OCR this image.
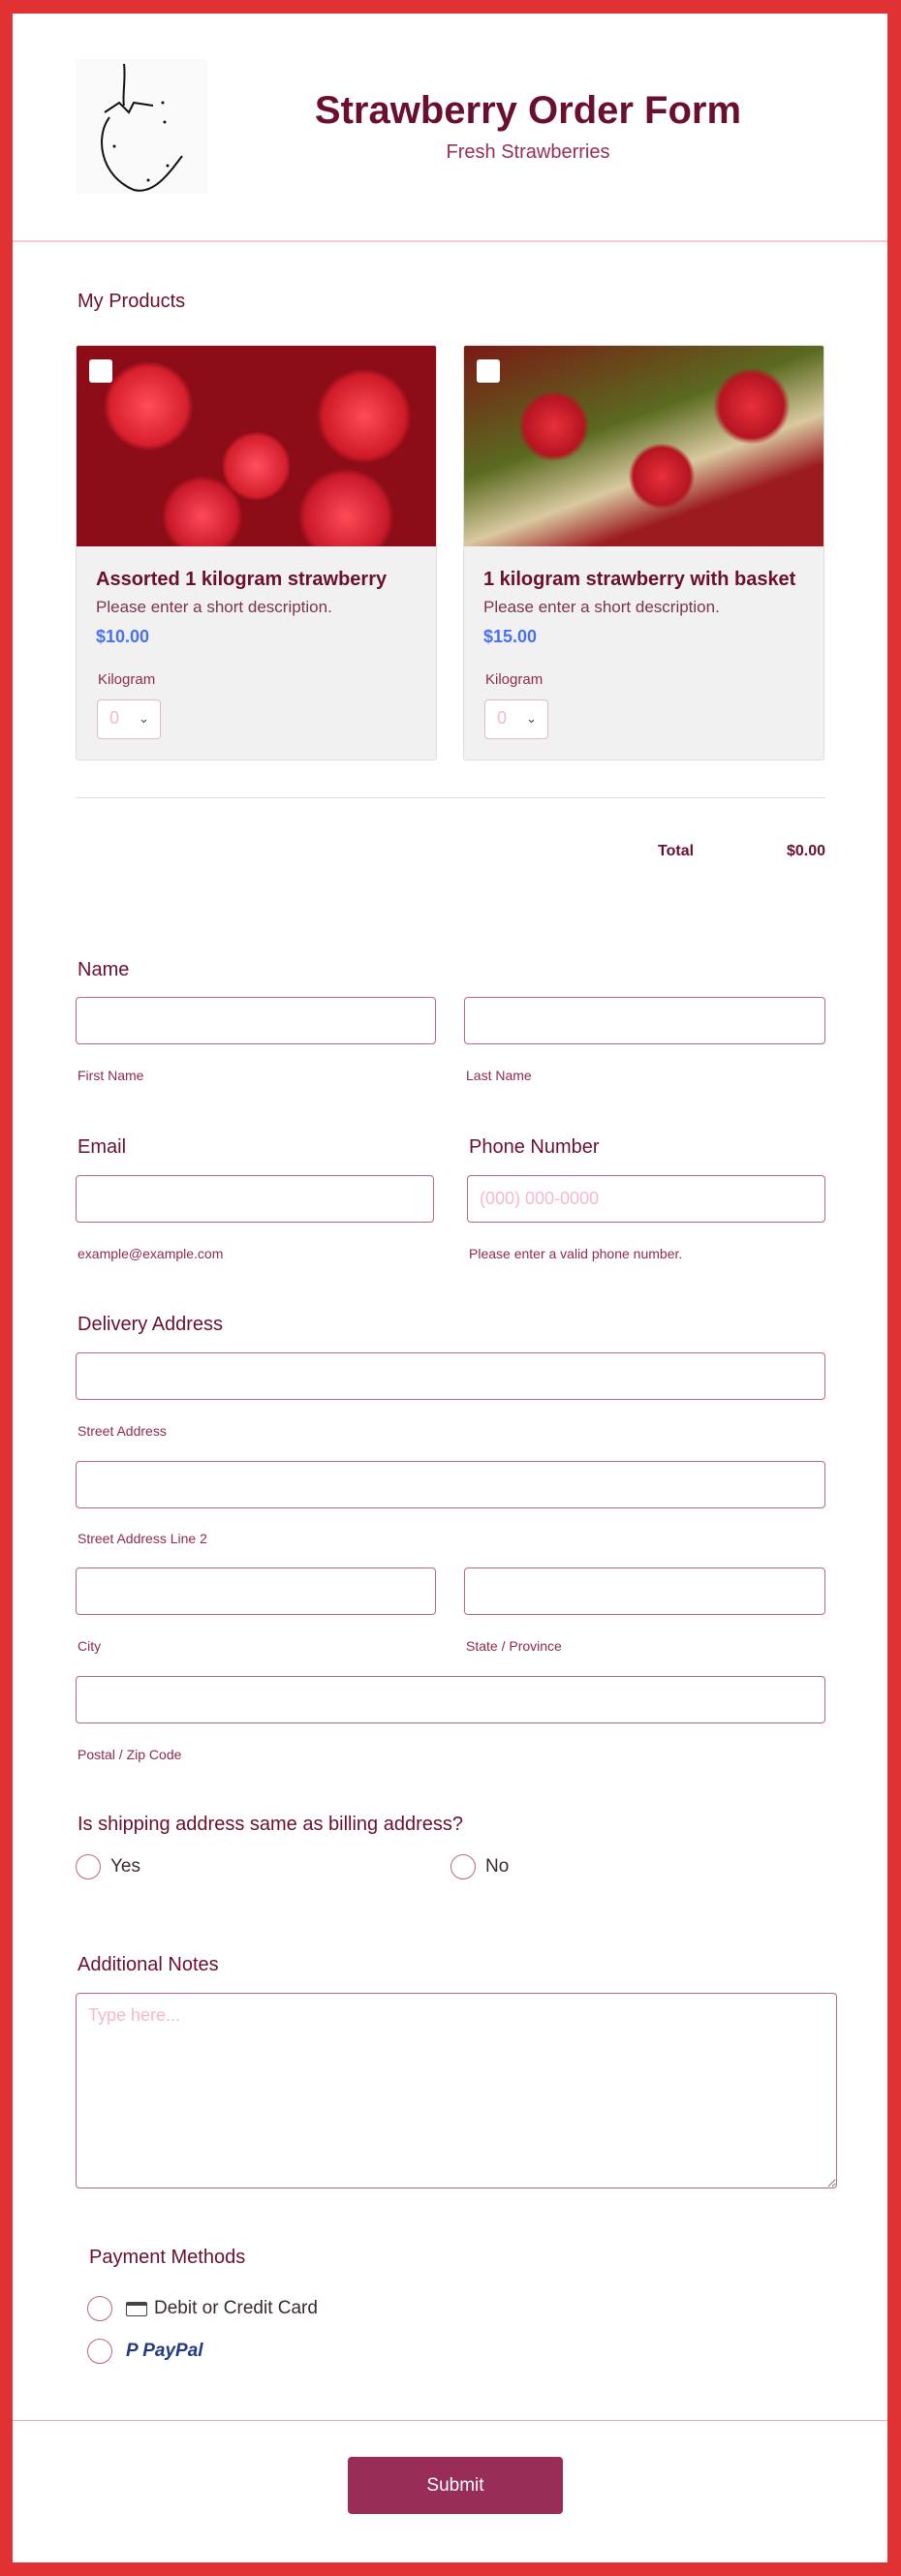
Strawberry Order Form
Fresh Strawberries
My Products
Assorted 1 kilogram strawberry
Please enter a short description.
$10.00
Kilogram
0 ⌄
1 kilogram strawberry with basket
Please enter a short description.
$15.00
Kilogram
0 ⌄
Total	$0.00
Name
First Name	Last Name
Email	Phone Number
(000) 000-0000
example@example.com	Please enter a valid phone number.
Delivery Address
Street Address
Street Address Line 2
City	State / Province
Postal / Zip Code
Is shipping address same as billing address?
Yes	No
Additional Notes
Type here...
Payment Methods
Debit or Credit Card
P PayPal
Submit
